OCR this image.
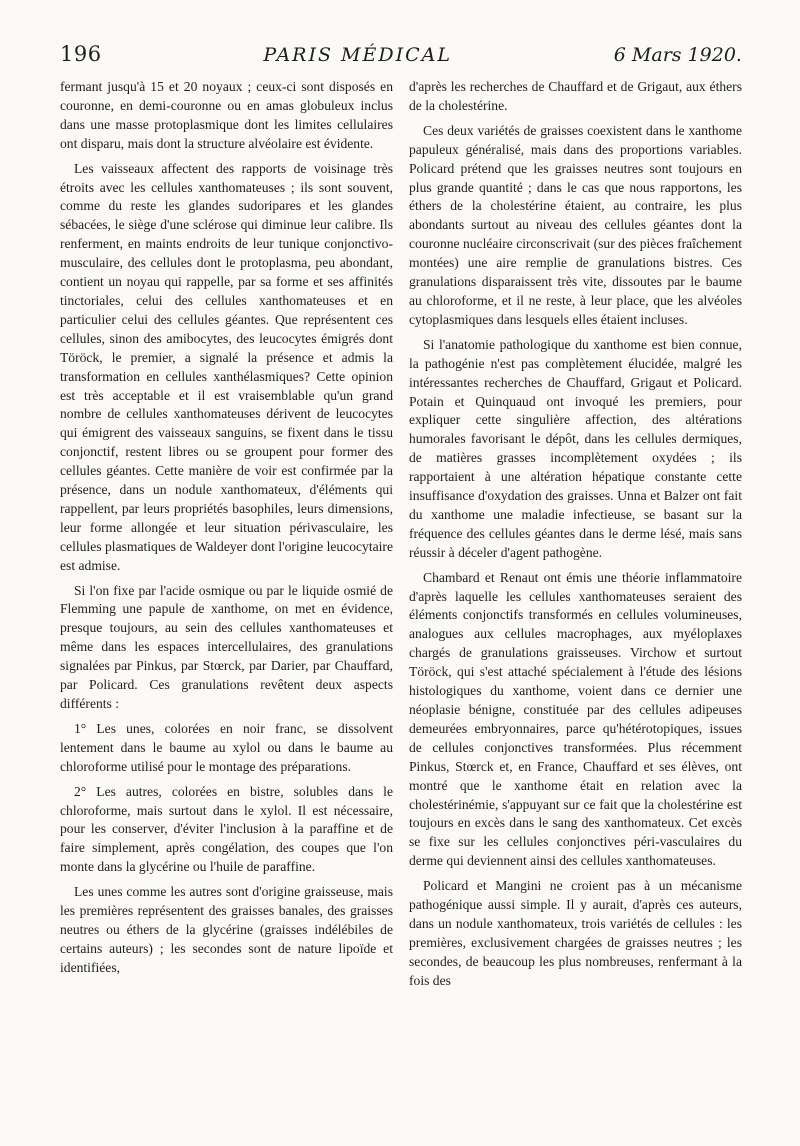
196	PARIS MÉDICAL	6 Mars 1920.

fermant jusqu'à 15 et 20 noyaux ; ceux-ci sont disposés en couronne, en demi-couronne ou en amas globuleux inclus dans une masse protoplasmique dont les limites cellulaires ont disparu, mais dont la structure alvéolaire est évidente.

Les vaisseaux affectent des rapports de voisinage très étroits avec les cellules xanthomateuses ; ils sont souvent, comme du reste les glandes sudoripares et les glandes sébacées, le siège d'une sclérose qui diminue leur calibre. Ils renferment, en maints endroits de leur tunique conjonctivo-musculaire, des cellules dont le protoplasma, peu abondant, contient un noyau qui rappelle, par sa forme et ses affinités tinctoriales, celui des cellules xanthomateuses et en particulier celui des cellules géantes. Que représentent ces cellules, sinon des amibocytes, des leucocytes émigrés dont Töröck, le premier, a signalé la présence et admis la transformation en cellules xanthélasmiques? Cette opinion est très acceptable et il est vraisemblable qu'un grand nombre de cellules xanthomateuses dérivent de leucocytes qui émigrent des vaisseaux sanguins, se fixent dans le tissu conjonctif, restent libres ou se groupent pour former des cellules géantes. Cette manière de voir est confirmée par la présence, dans un nodule xanthomateux, d'éléments qui rappellent, par leurs propriétés basophiles, leurs dimensions, leur forme allongée et leur situation périvasculaire, les cellules plasmatiques de Waldeyer dont l'origine leucocytaire est admise.

Si l'on fixe par l'acide osmique ou par le liquide osmié de Flemming une papule de xanthome, on met en évidence, presque toujours, au sein des cellules xanthomateuses et même dans les espaces intercellulaires, des granulations signalées par Pinkus, par Stœrck, par Darier, par Chauffard, par Policard. Ces granulations revêtent deux aspects différents :

1° Les unes, colorées en noir franc, se dissolvent lentement dans le baume au xylol ou dans le baume au chloroforme utilisé pour le montage des préparations.

2° Les autres, colorées en bistre, solubles dans le chloroforme, mais surtout dans le xylol. Il est nécessaire, pour les conserver, d'éviter l'inclusion à la paraffine et de faire simplement, après congélation, des coupes que l'on monte dans la glycérine ou l'huile de paraffine.

Les unes comme les autres sont d'origine graisseuse, mais les premières représentent des graisses banales, des graisses neutres ou éthers de la glycérine (graisses indélébiles de certains auteurs) ; les secondes sont de nature lipoïde et identifiées,

d'après les recherches de Chauffard et de Grigaut, aux éthers de la cholestérine.

Ces deux variétés de graisses coexistent dans le xanthome papuleux généralisé, mais dans des proportions variables. Policard prétend que les graisses neutres sont toujours en plus grande quantité ; dans le cas que nous rapportons, les éthers de la cholestérine étaient, au contraire, les plus abondants surtout au niveau des cellules géantes dont la couronne nucléaire circonscrivait (sur des pièces fraîchement montées) une aire remplie de granulations bistres. Ces granulations disparaissent très vite, dissoutes par le baume au chloroforme, et il ne reste, à leur place, que les alvéoles cytoplasmiques dans lesquels elles étaient incluses.

Si l'anatomie pathologique du xanthome est bien connue, la pathogénie n'est pas complètement élucidée, malgré les intéressantes recherches de Chauffard, Grigaut et Policard. Potain et Quinquaud ont invoqué les premiers, pour expliquer cette singulière affection, des altérations humorales favorisant le dépôt, dans les cellules dermiques, de matières grasses incomplètement oxydées ; ils rapportaient à une altération hépatique constante cette insuffisance d'oxydation des graisses. Unna et Balzer ont fait du xanthome une maladie infectieuse, se basant sur la fréquence des cellules géantes dans le derme lésé, mais sans réussir à déceler d'agent pathogène.

Chambard et Renaut ont émis une théorie inflammatoire d'après laquelle les cellules xanthomateuses seraient des éléments conjonctifs transformés en cellules volumineuses, analogues aux cellules macrophages, aux myéloplaxes chargés de granulations graisseuses. Virchow et surtout Töröck, qui s'est attaché spécialement à l'étude des lésions histologiques du xanthome, voient dans ce dernier une néoplasie bénigne, constituée par des cellules adipeuses demeurées embryonnaires, parce qu'hétérotopiques, issues de cellules conjonctives transformées. Plus récemment Pinkus, Stœrck et, en France, Chauffard et ses élèves, ont montré que le xanthome était en relation avec la cholestérinémie, s'appuyant sur ce fait que la cholestérine est toujours en excès dans le sang des xanthomateux. Cet excès se fixe sur les cellules conjonctives péri-vasculaires du derme qui deviennent ainsi des cellules xanthomateuses.

Policard et Mangini ne croient pas à un mécanisme pathogénique aussi simple. Il y aurait, d'après ces auteurs, dans un nodule xanthomateux, trois variétés de cellules : les premières, exclusivement chargées de graisses neutres ; les secondes, de beaucoup les plus nombreuses, renfermant à la fois des
